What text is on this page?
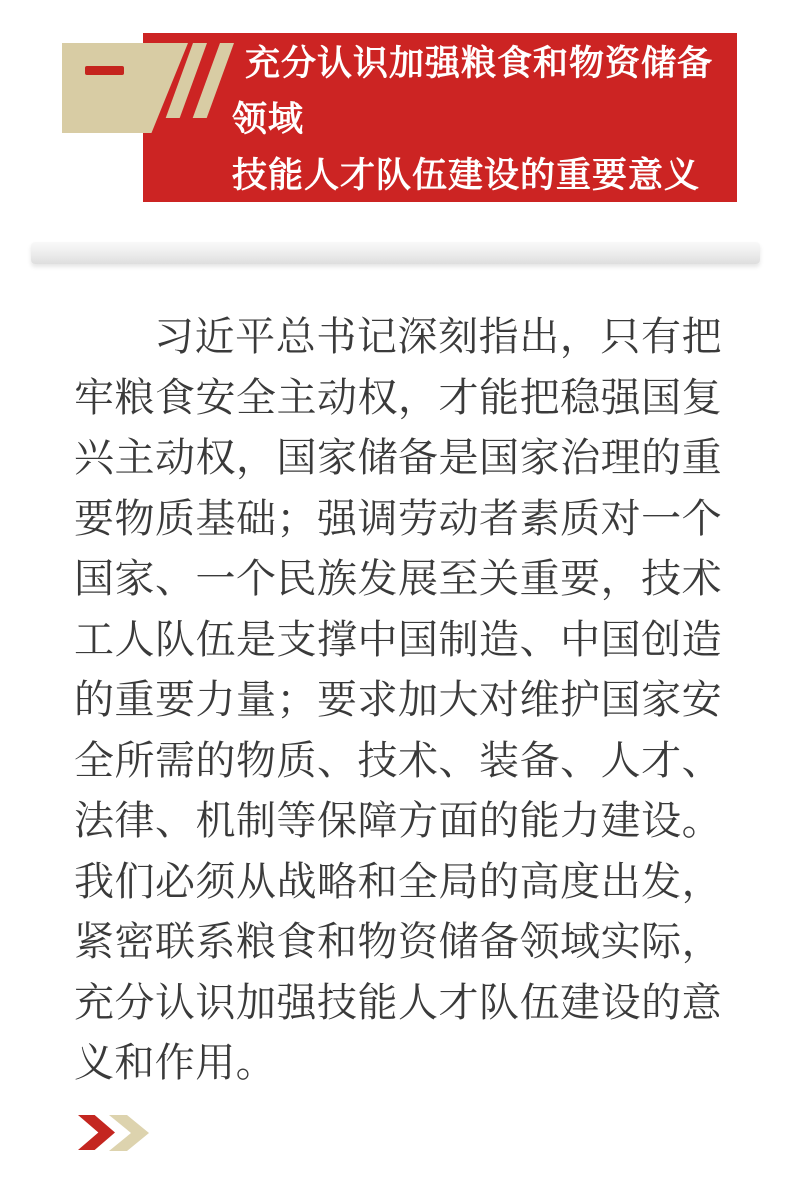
充分认识加强粮食和物资储备
领域
技能人才队伍建设的重要意义
习近平总书记深刻指出，只有把牢粮食安全主动权，才能把稳强国复兴主动权，国家储备是国家治理的重要物质基础；强调劳动者素质对一个国家、一个民族发展至关重要，技术工人队伍是支撑中国制造、中国创造的重要力量；要求加大对维护国家安全所需的物质、技术、装备、人才、法律、机制等保障方面的能力建设。我们必须从战略和全局的高度出发，紧密联系粮食和物资储备领域实际，充分认识加强技能人才队伍建设的意义和作用。
